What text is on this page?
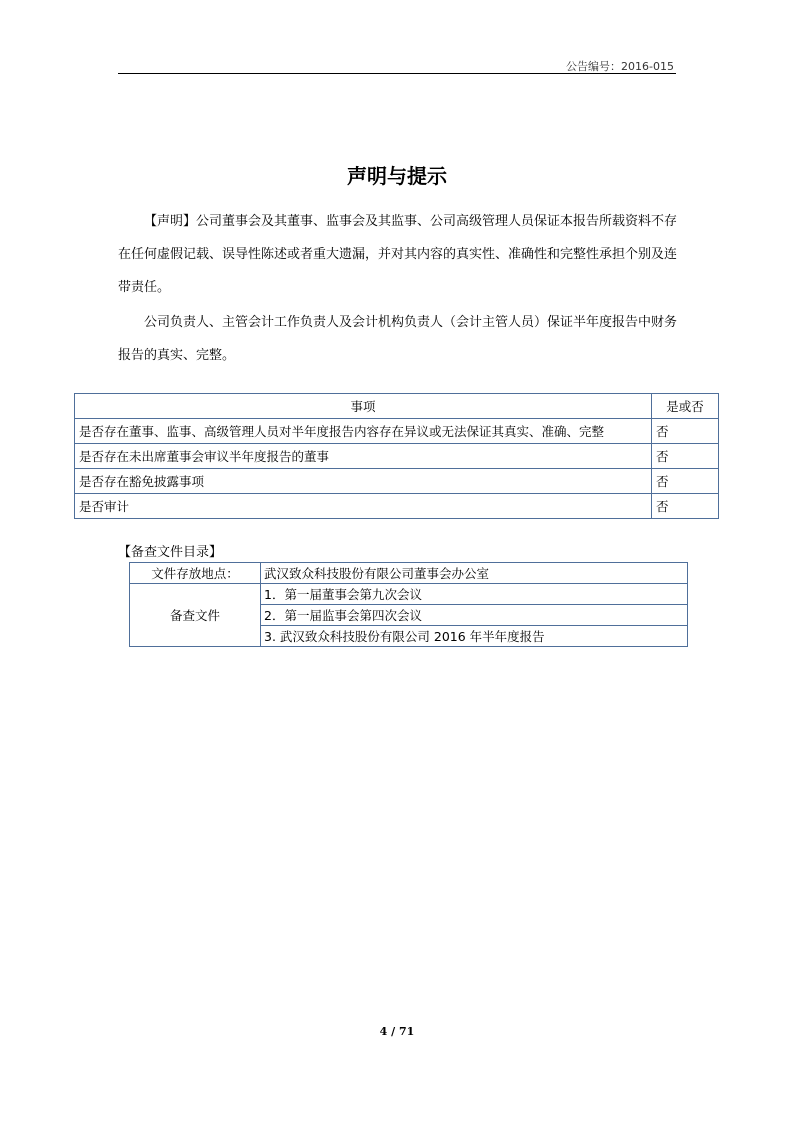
公告编号：2016-015
声明与提示
【声明】公司董事会及其董事、监事会及其监事、公司高级管理人员保证本报告所载资料不存在任何虚假记载、误导性陈述或者重大遗漏，并对其内容的真实性、准确性和完整性承担个别及连带责任。
公司负责人、主管会计工作负责人及会计机构负责人（会计主管人员）保证半年度报告中财务报告的真实、完整。
事项	是或否
是否存在董事、监事、高级管理人员对半年度报告内容存在异议或无法保证其真实、准确、完整	否
是否存在未出席董事会审议半年度报告的董事	否
是否存在豁免披露事项	否
是否审计	否
【备查文件目录】
文件存放地点：	武汉致众科技股份有限公司董事会办公室
备查文件	1．第一届董事会第九次会议
	2．第一届监事会第四次会议
	3. 武汉致众科技股份有限公司 2016 年半年度报告
4 / 71
